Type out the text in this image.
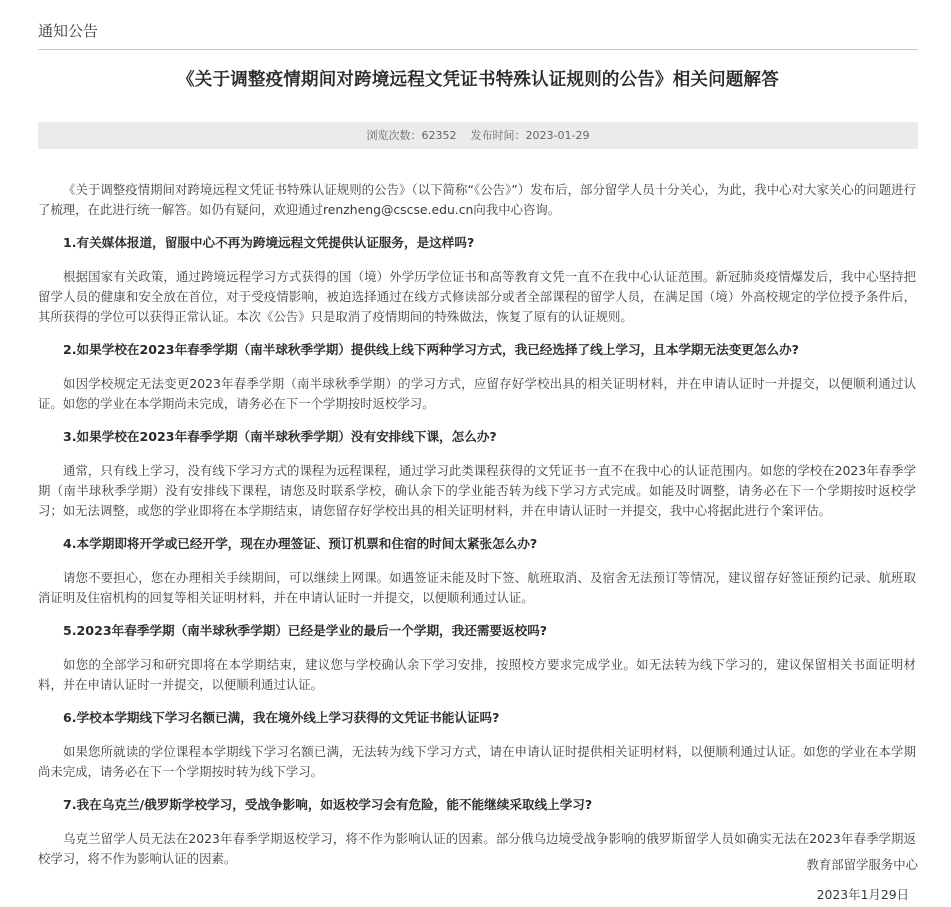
通知公告
《关于调整疫情期间对跨境远程文凭证书特殊认证规则的公告》相关问题解答
浏览次数：62352 发布时间：2023-01-29

《关于调整疫情期间对跨境远程文凭证书特殊认证规则的公告》（以下简称“《公告》”）发布后，部分留学人员十分关心，为此，我中心对大家关心的问题进行了梳理，在此进行统一解答。如仍有疑问，欢迎通过renzheng@cscse.edu.cn向我中心咨询。

1.有关媒体报道，留服中心不再为跨境远程文凭提供认证服务，是这样吗?

根据国家有关政策，通过跨境远程学习方式获得的国（境）外学历学位证书和高等教育文凭一直不在我中心认证范围。新冠肺炎疫情爆发后，我中心坚持把留学人员的健康和安全放在首位，对于受疫情影响，被迫选择通过在线方式修读部分或者全部课程的留学人员，在满足国（境）外高校规定的学位授予条件后，其所获得的学位可以获得正常认证。本次《公告》只是取消了疫情期间的特殊做法，恢复了原有的认证规则。

2.如果学校在2023年春季学期（南半球秋季学期）提供线上线下两种学习方式，我已经选择了线上学习，且本学期无法变更怎么办?

如因学校规定无法变更2023年春季学期（南半球秋季学期）的学习方式，应留存好学校出具的相关证明材料，并在申请认证时一并提交，以便顺利通过认证。如您的学业在本学期尚未完成，请务必在下一个学期按时返校学习。

3.如果学校在2023年春季学期（南半球秋季学期）没有安排线下课，怎么办?

通常，只有线上学习，没有线下学习方式的课程为远程课程，通过学习此类课程获得的文凭证书一直不在我中心的认证范围内。如您的学校在2023年春季学期（南半球秋季学期）没有安排线下课程，请您及时联系学校，确认余下的学业能否转为线下学习方式完成。如能及时调整，请务必在下一个学期按时返校学习；如无法调整，或您的学业即将在本学期结束，请您留存好学校出具的相关证明材料，并在申请认证时一并提交，我中心将据此进行个案评估。

4.本学期即将开学或已经开学，现在办理签证、预订机票和住宿的时间太紧张怎么办?

请您不要担心，您在办理相关手续期间，可以继续上网课。如遇签证未能及时下签、航班取消、及宿舍无法预订等情况，建议留存好签证预约记录、航班取消证明及住宿机构的回复等相关证明材料，并在申请认证时一并提交，以便顺利通过认证。

5.2023年春季学期（南半球秋季学期）已经是学业的最后一个学期，我还需要返校吗?

如您的全部学习和研究即将在本学期结束，建议您与学校确认余下学习安排，按照校方要求完成学业。如无法转为线下学习的，建议保留相关书面证明材料，并在申请认证时一并提交，以便顺利通过认证。

6.学校本学期线下学习名额已满，我在境外线上学习获得的文凭证书能认证吗?

如果您所就读的学位课程本学期线下学习名额已满，无法转为线下学习方式，请在申请认证时提供相关证明材料，以便顺利通过认证。如您的学业在本学期尚未完成，请务必在下一个学期按时转为线下学习。

7.我在乌克兰/俄罗斯学校学习，受战争影响，如返校学习会有危险，能不能继续采取线上学习?

乌克兰留学人员无法在2023年春季学期返校学习，将不作为影响认证的因素。部分俄乌边境受战争影响的俄罗斯留学人员如确实无法在2023年春季学期返校学习，将不作为影响认证的因素。	教育部留学服务中心
2023年1月29日
